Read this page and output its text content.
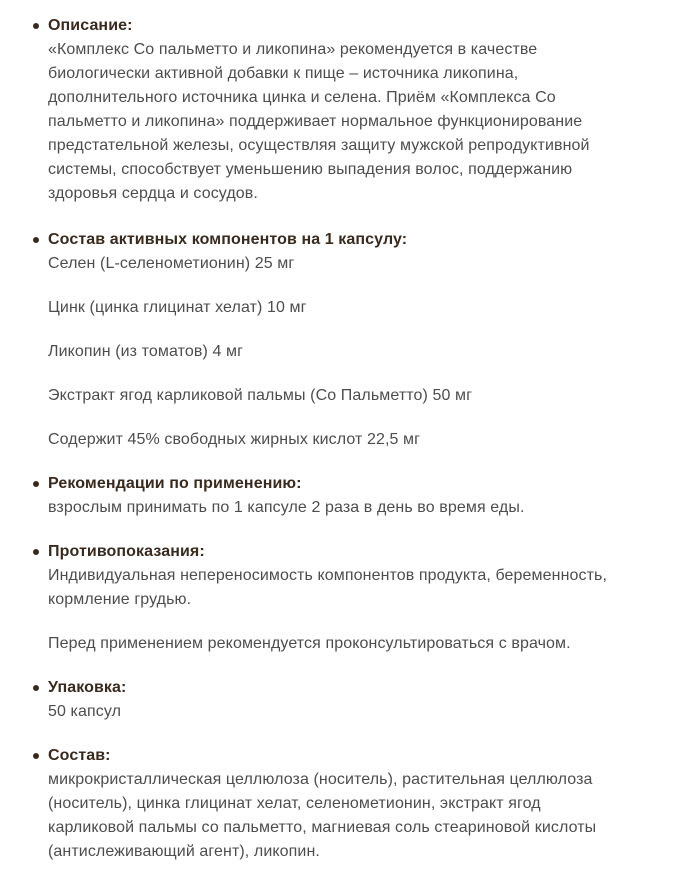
Описание:
«Комплекс Со пальметто и ликопина» рекомендуется в качестве
биологически активной добавки к пище – источника ликопина,
дополнительного источника цинка и селена. Приём «Комплекса Со
пальметто и ликопина» поддерживает нормальное функционирование
предстательной железы, осуществляя защиту мужской репродуктивной
системы, способствует уменьшению выпадения волос, поддержанию
здоровья сердца и сосудов.
Состав активных компонентов на 1 капсулу:
Селен (L-селенометионин) 25 мг
Цинк (цинка глицинат хелат) 10 мг
Ликопин (из томатов) 4 мг
Экстракт ягод карликовой пальмы (Со Пальметто) 50 мг
Содержит 45% свободных жирных кислот 22,5 мг
Рекомендации по применению:
взрослым принимать по 1 капсуле 2 раза в день во время еды.
Противопоказания:
Индивидуальная непереносимость компонентов продукта, беременность,
кормление грудью.
Перед применением рекомендуется проконсультироваться с врачом.
Упаковка:
50 капсул
Состав:
микрокристаллическая целлюлоза (носитель), растительная целлюлоза
(носитель), цинка глицинат хелат, селенометионин, экстракт ягод
карликовой пальмы со пальметто, магниевая соль стеариновой кислоты
(антислеживающий агент), ликопин.
